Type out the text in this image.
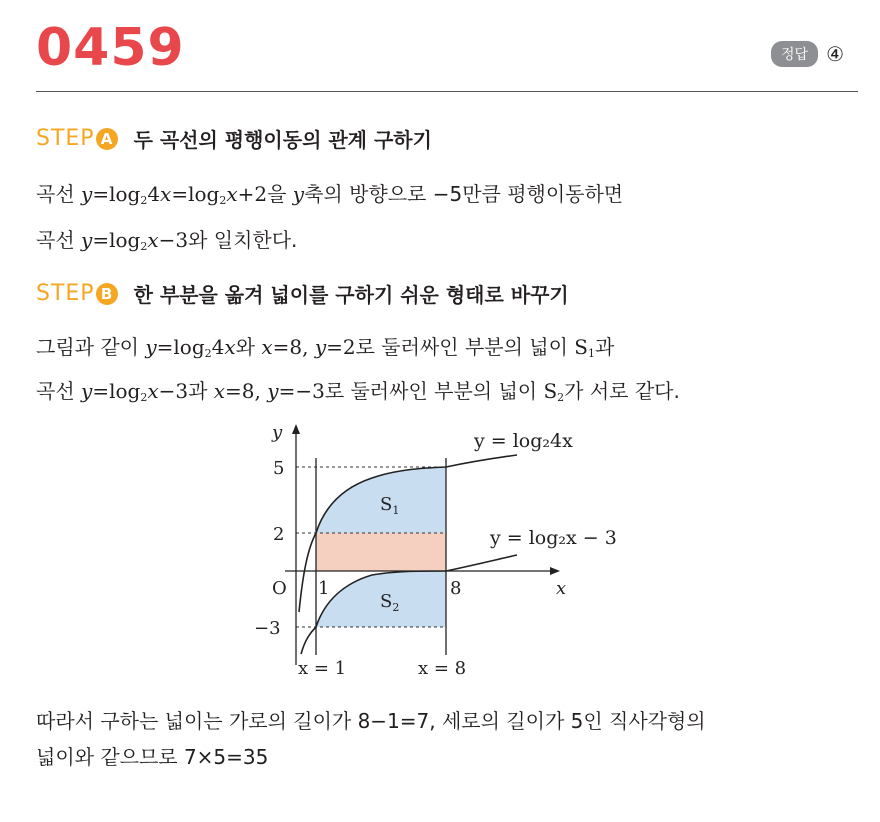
0459	정답 ④
STEP A 두 곡선의 평행이동의 관계 구하기
곡선 $y=\log_24x=\log_2x+2$을 y축의 방향으로 −5만큼 평행이동하면
곡선 $y=\log_2x-3$와 일치한다.
STEP B 한 부분을 옮겨 넓이를 구하기 쉬운 형태로 바꾸기
그림과 같이 $y=\log_24x$와 x=8, y=2로 둘러싸인 부분의 넓이 $S_1$과
곡선 $y=\log_2x-3$과 x=8, y=−3로 둘러싸인 부분의 넓이 $S_2$가 서로 같다.
y
x
O
5
2
−3
1	8
$S_1$
$S_2$
y = log₂4x
y = log₂x − 3
x = 1	x = 8
따라서 구하는 넓이는 가로의 길이가 8−1=7, 세로의 길이가 5인 직사각형의
넓이와 같으므로 7×5=35
